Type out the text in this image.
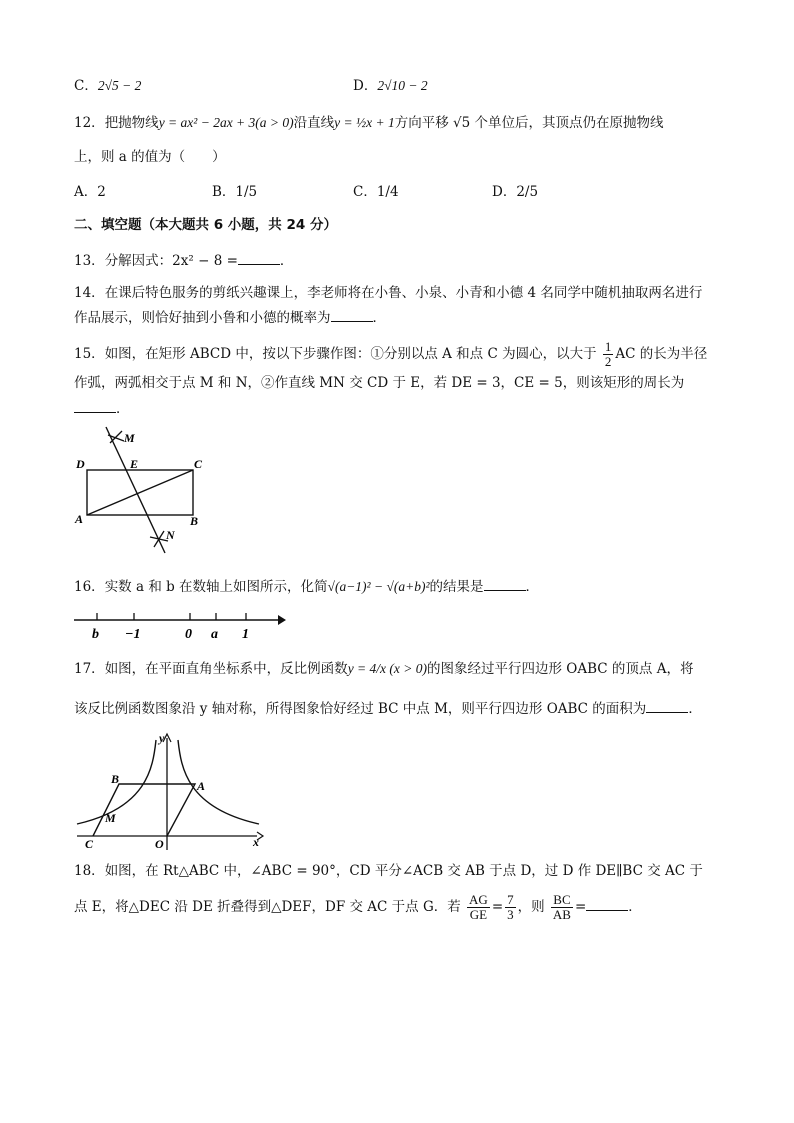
C．2√5 − 2	D．2√10 − 2
12．把抛物线y = ax² − 2ax + 3(a > 0)沿直线y = ½x + 1方向平移 √5 个单位后，其顶点仍在原抛物线
上，则 a 的值为（　　）
A．2	B．1/5	C．1/4	D．2/5
二、填空题（本大题共 6 小题，共 24 分）
13．分解因式：2x² − 8 =	．
14．在课后特色服务的剪纸兴趣课上，李老师将在小鲁、小泉、小青和小德 4 名同学中随机抽取两名进行
作品展示，则恰好抽到小鲁和小德的概率为	．
15．如图，在矩形 ABCD 中，按以下步骤作图：①分别以点 A 和点 C 为圆心，以大于 $\frac{1}{2}$ AC 的长为半径
作弧，两弧相交于点 M 和 N，②作直线 MN 交 CD 于 E，若 DE = 3，CE = 5，则该矩形的周长为
．
M
N
D	E	C
A	B
16．实数 a 和 b 在数轴上如图所示，化简√(a−1)² − √(a+b)²的结果是	．
b −1	0 a 1
17．如图，在平面直角坐标系中，反比例函数y = 4/x (x > 0)的图象经过平行四边形 OABC 的顶点 A，将
该反比例函数图象沿 y 轴对称，所得图象恰好经过 BC 中点 M，则平行四边形 OABC 的面积为	．
y
x
B	A
M
O
C
18．如图，在 Rt△ABC 中，∠ABC = 90°，CD 平分∠ACB 交 AB 于点 D，过 D 作 DE∥BC 交 AC 于
点 E，将△DEC 沿 DE 折叠得到△DEF，DF 交 AC 于点 G．若 $\frac{AG}{GE} = \frac{7}{3}$ ，则 $\frac{BC}{AB}$ =	．
